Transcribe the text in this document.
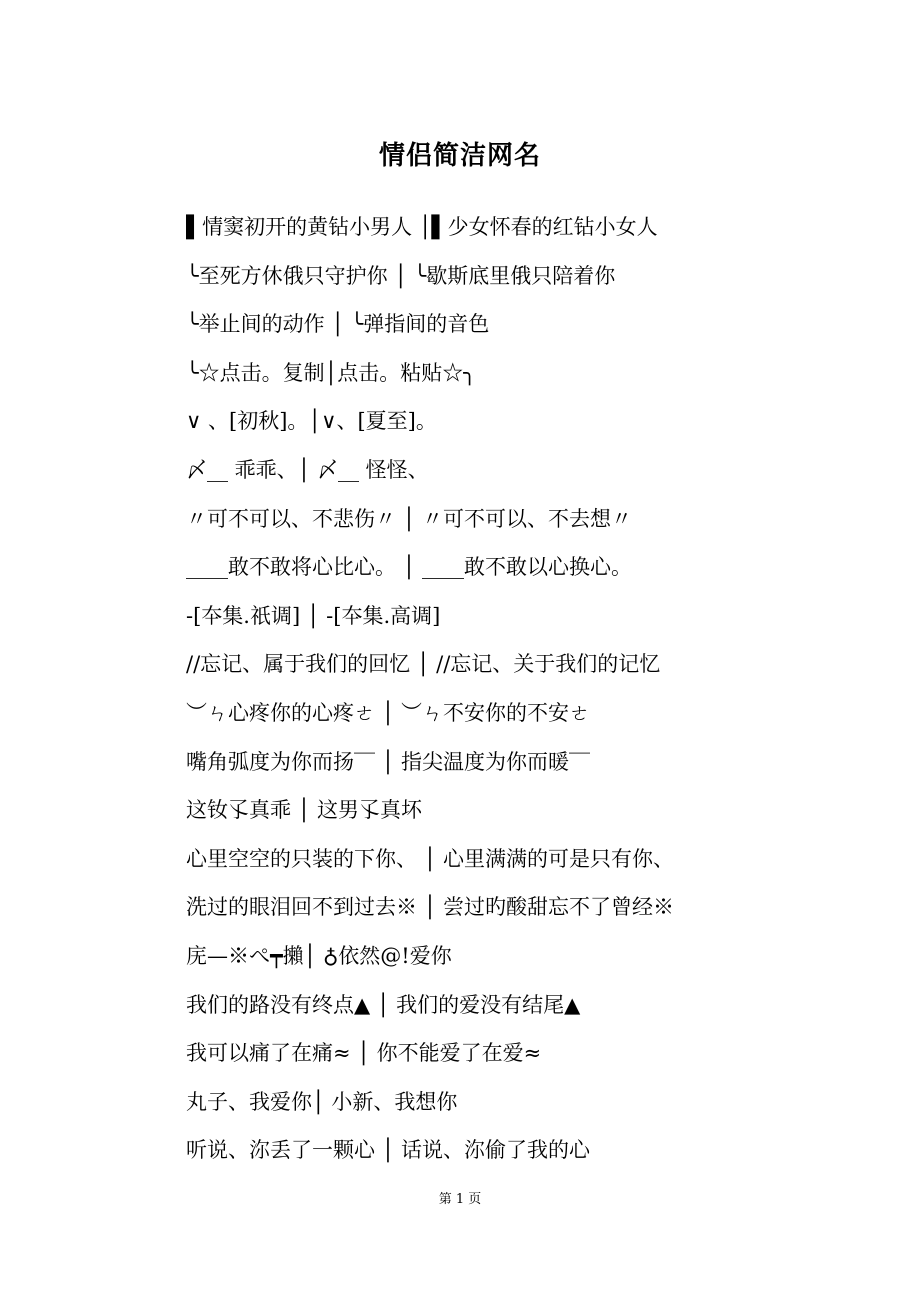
情侣简洁网名
▌情窦初开的黄钻小男人 │▌少女怀春的红钻小女人
╰至死方休俄只守护你 │ ╰歇斯底里俄只陪着你
╰举止间的动作 │ ╰弹指间的音色
╰☆点击。复制│点击。粘贴☆╮
∨ 、[初秋]。│∨、[夏至]。
〆__ 乖乖、│ 〆__ 怪怪、
〃可不可以、不悲伤〃 │ 〃可不可以、不去想〃
____敢不敢将心比心。 │ ____敢不敢以心换心。
-[夲集.祇调] │ -[夲集.高调]
//忘记、属于我们的回忆 │ //忘记、关于我们的记忆
︶ㄣ心疼你的心疼ㄜ │ ︶ㄣ不安你的不安ㄜ
嘴角弧度为你而扬‾‾ │ 指尖温度为你而暖‾‾
这钕孓真乖 │ 这男孓真坏
心里空空的只装的下你、 │ 心里满满的可是只有你、
洗过的眼泪回不到过去※ │ 尝过旳酸甜忘不了曾经※
庑—※ぺ┯攋│ ♁依然@!爱你
我们的路没有终点▲ │ 我们的爱没有结尾▲
我可以痛了在痛≈ │ 你不能爱了在爱≈
丸子、我爱你│ 小新、我想你
听说、沵丢了一颗心 │ 话说、沵偷了我的心
第 1 页
